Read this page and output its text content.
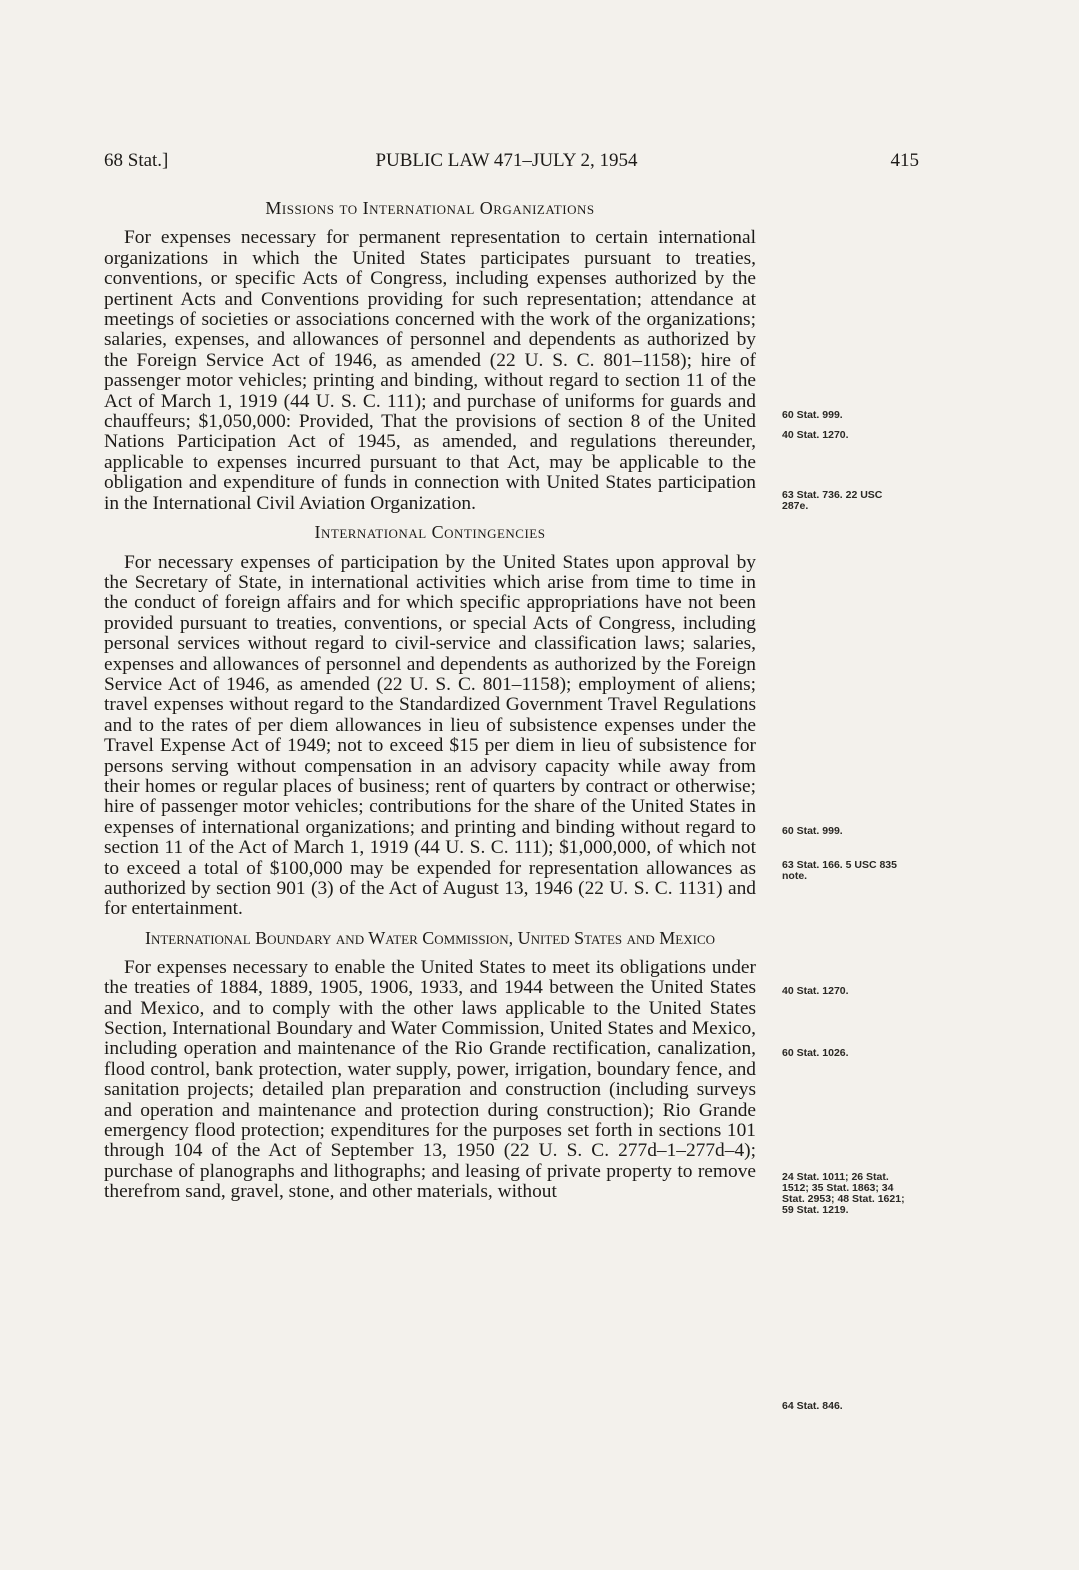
68 Stat.]	PUBLIC LAW 471–JULY 2, 1954	415
Missions to International Organizations

For expenses necessary for permanent representation to certain international organizations in which the United States participates pursuant to treaties, conventions, or specific Acts of Congress, including expenses authorized by the pertinent Acts and Conventions providing for such representation; attendance at meetings of societies or associations concerned with the work of the organizations; salaries, expenses, and allowances of personnel and dependents as authorized by the Foreign Service Act of 1946, as amended (22 U. S. C. 801–1158); hire of passenger motor vehicles; printing and binding, without regard to section 11 of the Act of March 1, 1919 (44 U. S. C. 111); and purchase of uniforms for guards and chauffeurs; $1,050,000: Provided, That the provisions of section 8 of the United Nations Participation Act of 1945, as amended, and regulations thereunder, applicable to expenses incurred pursuant to that Act, may be applicable to the obligation and expenditure of funds in connection with United States participation in the International Civil Aviation Organization.

International Contingencies

For necessary expenses of participation by the United States upon approval by the Secretary of State, in international activities which arise from time to time in the conduct of foreign affairs and for which specific appropriations have not been provided pursuant to treaties, conventions, or special Acts of Congress, including personal services without regard to civil-service and classification laws; salaries, expenses and allowances of personnel and dependents as authorized by the Foreign Service Act of 1946, as amended (22 U. S. C. 801–1158); employment of aliens; travel expenses without regard to the Standardized Government Travel Regulations and to the rates of per diem allowances in lieu of subsistence expenses under the Travel Expense Act of 1949; not to exceed $15 per diem in lieu of subsistence for persons serving without compensation in an advisory capacity while away from their homes or regular places of business; rent of quarters by contract or otherwise; hire of passenger motor vehicles; contributions for the share of the United States in expenses of international organizations; and printing and binding without regard to section 11 of the Act of March 1, 1919 (44 U. S. C. 111); $1,000,000, of which not to exceed a total of $100,000 may be expended for representation allowances as authorized by section 901 (3) of the Act of August 13, 1946 (22 U. S. C. 1131) and for entertainment.

International Boundary and Water Commission, United States and Mexico

For expenses necessary to enable the United States to meet its obligations under the treaties of 1884, 1889, 1905, 1906, 1933, and 1944 between the United States and Mexico, and to comply with the other laws applicable to the United States Section, International Boundary and Water Commission, United States and Mexico, including operation and maintenance of the Rio Grande rectification, canalization, flood control, bank protection, water supply, power, irrigation, boundary fence, and sanitation projects; detailed plan preparation and construction (including surveys and operation and maintenance and protection during construction); Rio Grande emergency flood protection; expenditures for the purposes set forth in sections 101 through 104 of the Act of September 13, 1950 (22 U. S. C. 277d–1–277d–4); purchase of planographs and lithographs; and leasing of private property to remove therefrom sand, gravel, stone, and other materials, without

60 Stat. 999.
40 Stat. 1270.
63 Stat. 736. 22 USC 287e.
60 Stat. 999.
63 Stat. 166. 5 USC 835 note.
40 Stat. 1270.
60 Stat. 1026.
24 Stat. 1011; 26 Stat. 1512; 35 Stat. 1863; 34 Stat. 2953; 48 Stat. 1621; 59 Stat. 1219.
64 Stat. 846.
